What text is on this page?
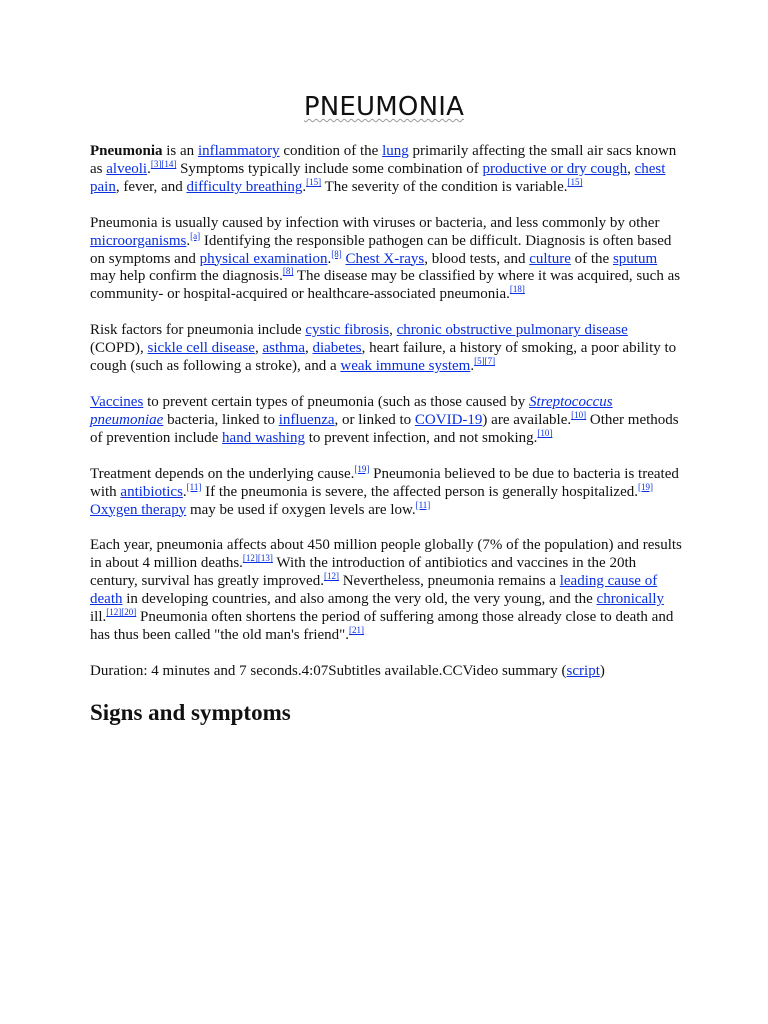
PNEUMONIA

Pneumonia is an inflammatory condition of the lung primarily affecting the small air sacs known as alveoli.[3][14] Symptoms typically include some combination of productive or dry cough, chest pain, fever, and difficulty breathing.[15] The severity of the condition is variable.[15]

Pneumonia is usually caused by infection with viruses or bacteria, and less commonly by other microorganisms.[a] Identifying the responsible pathogen can be difficult. Diagnosis is often based on symptoms and physical examination.[8] Chest X-rays, blood tests, and culture of the sputum may help confirm the diagnosis.[8] The disease may be classified by where it was acquired, such as community- or hospital-acquired or healthcare-associated pneumonia.[18]

Risk factors for pneumonia include cystic fibrosis, chronic obstructive pulmonary disease (COPD), sickle cell disease, asthma, diabetes, heart failure, a history of smoking, a poor ability to cough (such as following a stroke), and a weak immune system.[5][7]

Vaccines to prevent certain types of pneumonia (such as those caused by Streptococcus pneumoniae bacteria, linked to influenza, or linked to COVID-19) are available.[10] Other methods of prevention include hand washing to prevent infection, and not smoking.[10]

Treatment depends on the underlying cause.[19] Pneumonia believed to be due to bacteria is treated with antibiotics.[11] If the pneumonia is severe, the affected person is generally hospitalized.[19] Oxygen therapy may be used if oxygen levels are low.[11]

Each year, pneumonia affects about 450 million people globally (7% of the population) and results in about 4 million deaths.[12][13] With the introduction of antibiotics and vaccines in the 20th century, survival has greatly improved.[12] Nevertheless, pneumonia remains a leading cause of death in developing countries, and also among the very old, the very young, and the chronically ill.[12][20] Pneumonia often shortens the period of suffering among those already close to death and has thus been called "the old man's friend".[21]

Duration: 4 minutes and 7 seconds.4:07Subtitles available.CCVideo summary (script)

Signs and symptoms
